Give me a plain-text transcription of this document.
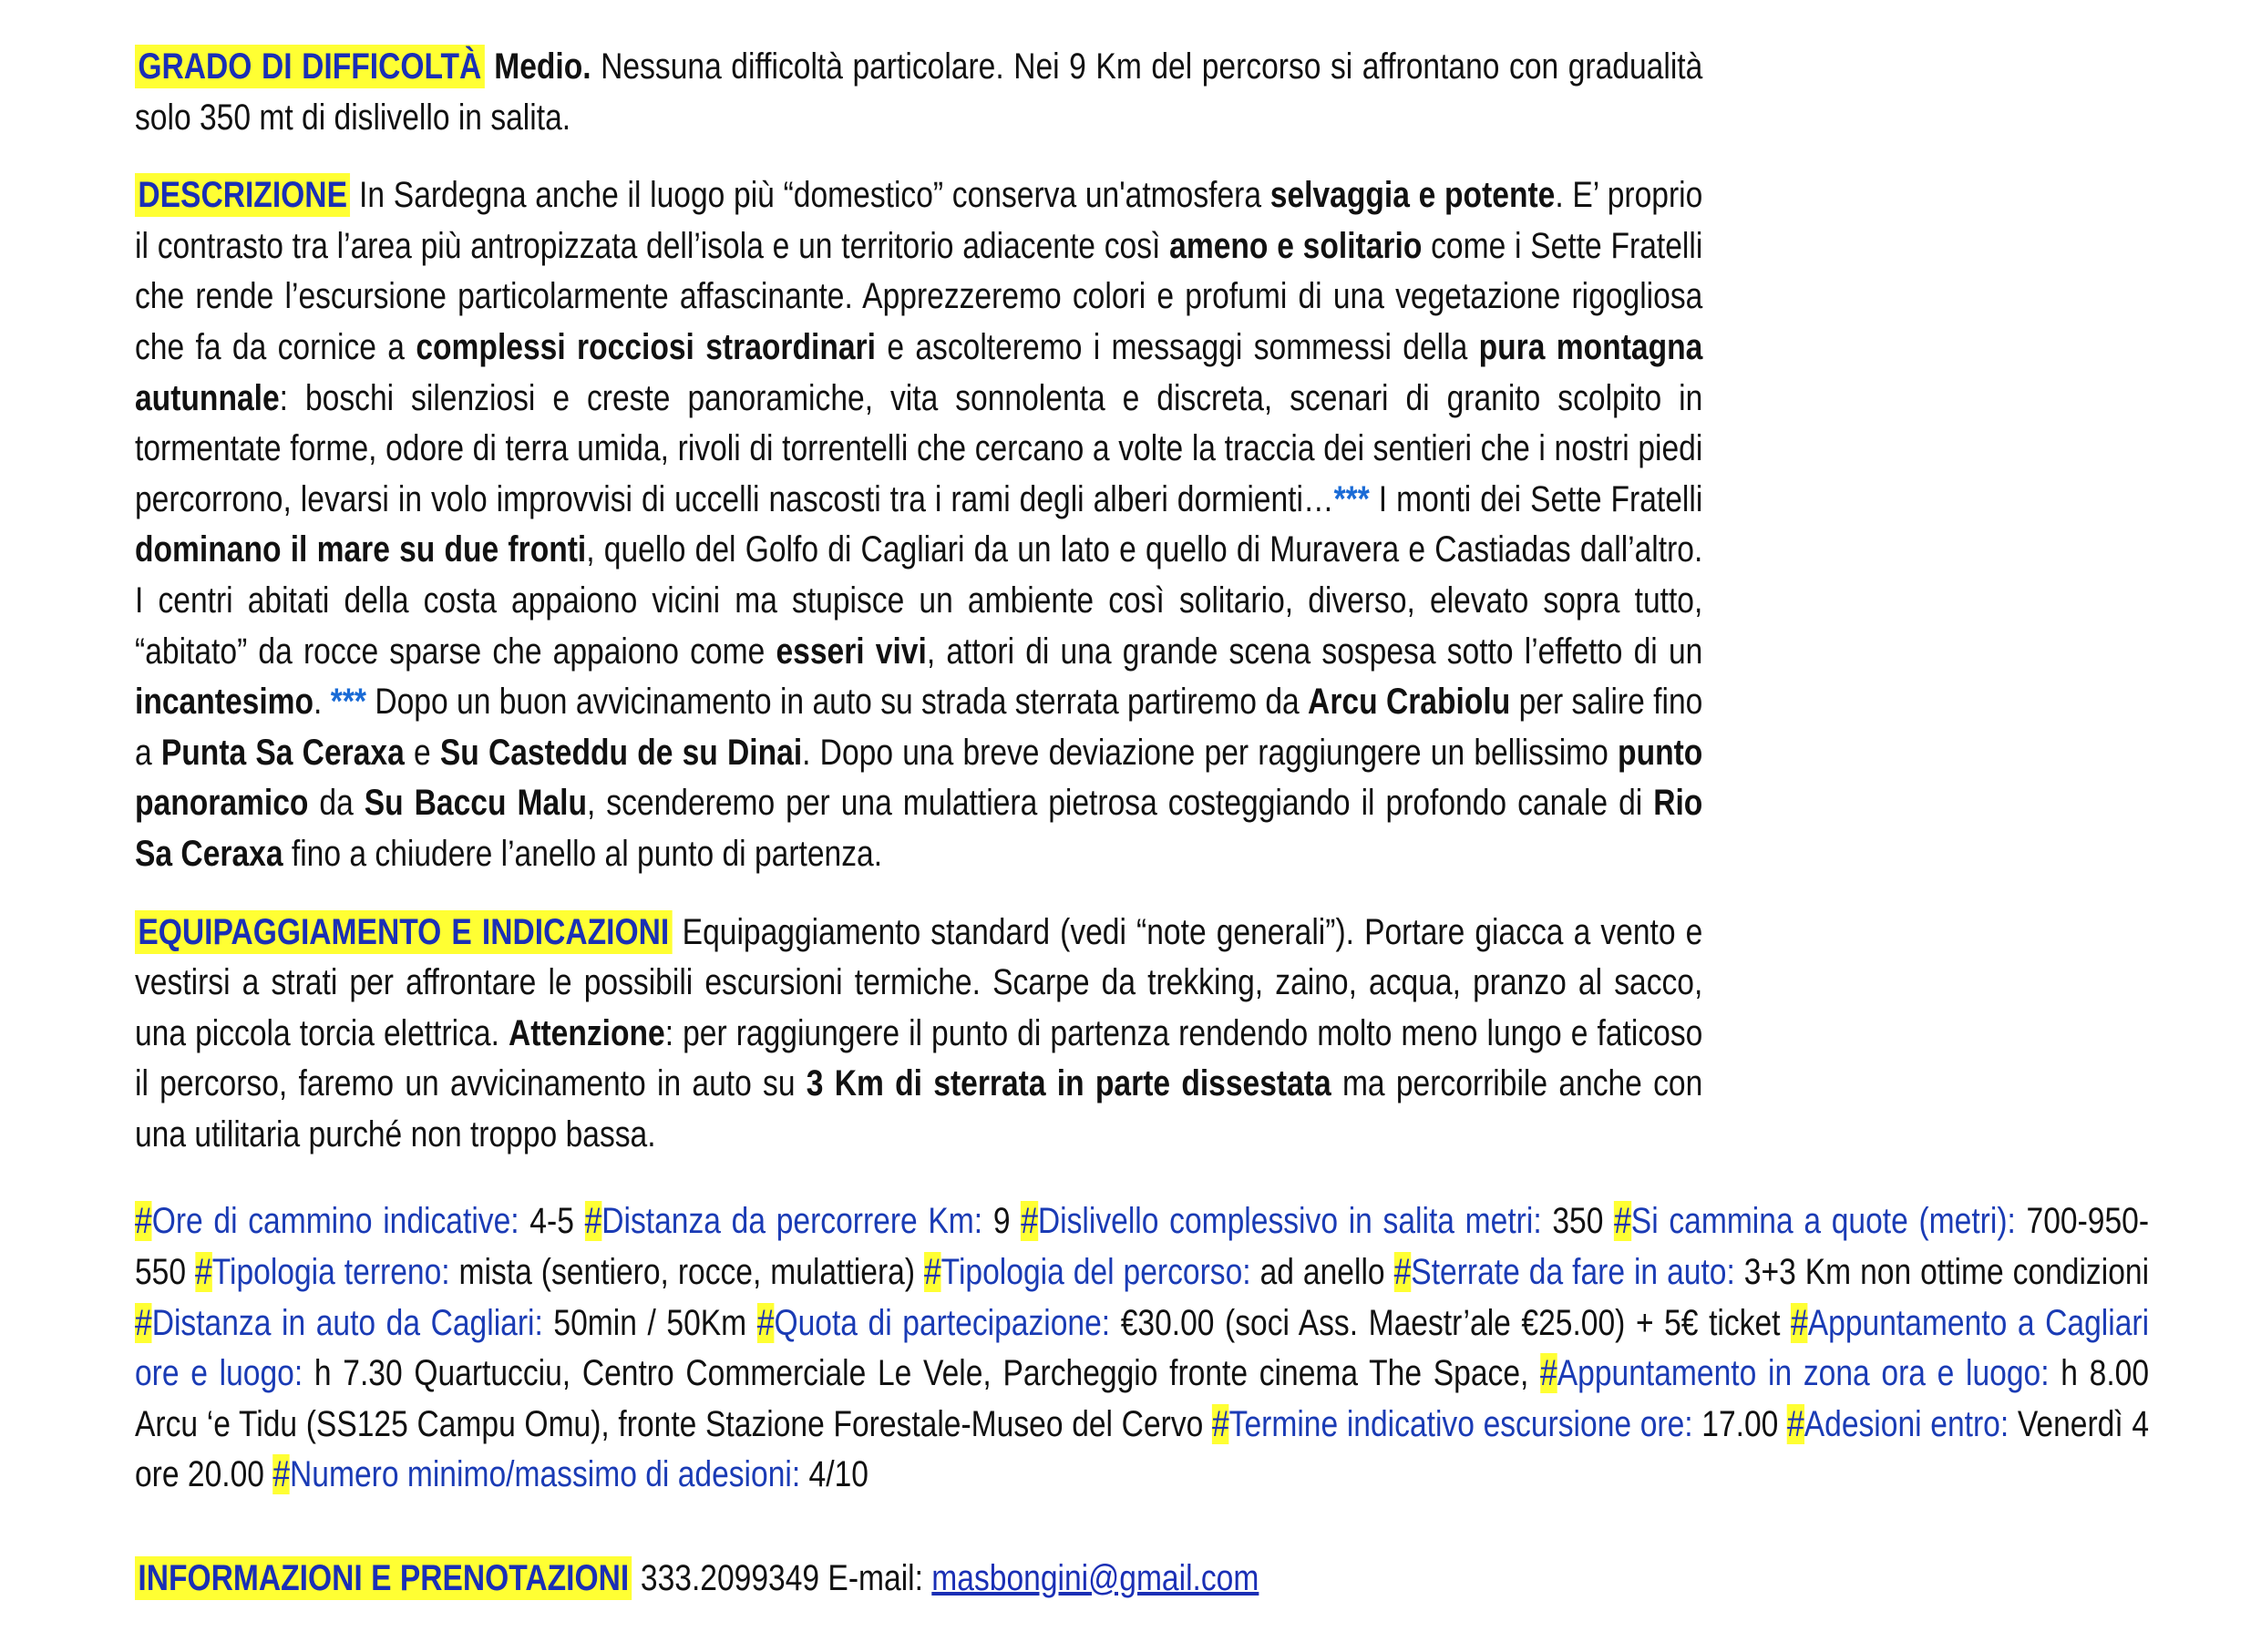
GRADO DI DIFFICOLTÀ Medio. Nessuna difficoltà particolare. Nei 9 Km del percorso si affrontano con gradualità solo 350 mt di dislivello in salita.

DESCRIZIONE In Sardegna anche il luogo più “domestico” conserva un'atmosfera selvaggia e potente. E’ proprio il contrasto tra l’area più antropizzata dell’isola e un territorio adiacente così ameno e solitario come i Sette Fratelli che rende l’escursione particolarmente affascinante. Apprezzeremo colori e profumi di una vegetazione rigogliosa che fa da cornice a complessi rocciosi straordinari e ascolteremo i messaggi sommessi della pura montagna autunnale: boschi silenziosi e creste panoramiche, vita sonnolenta e discreta, scenari di granito scolpito in tormentate forme, odore di terra umida, rivoli di torrentelli che cercano a volte la traccia dei sentieri che i nostri piedi percorrono, levarsi in volo improvvisi di uccelli nascosti tra i rami degli alberi dormienti…*** I monti dei Sette Fratelli dominano il mare su due fronti, quello del Golfo di Cagliari da un lato e quello di Muravera e Castiadas dall’altro. I centri abitati della costa appaiono vicini ma stupisce un ambiente così solitario, diverso, elevato sopra tutto, “abitato” da rocce sparse che appaiono come esseri vivi, attori di una grande scena sospesa sotto l’effetto di un incantesimo. *** Dopo un buon avvicinamento in auto su strada sterrata partiremo da Arcu Crabiolu per salire fino a Punta Sa Ceraxa e Su Casteddu de su Dinai. Dopo una breve deviazione per raggiungere un bellissimo punto panoramico da Su Baccu Malu, scenderemo per una mulattiera pietrosa costeggiando il profondo canale di Rio Sa Ceraxa fino a chiudere l’anello al punto di partenza.

EQUIPAGGIAMENTO E INDICAZIONI Equipaggiamento standard (vedi “note generali”). Portare giacca a vento e vestirsi a strati per affrontare le possibili escursioni termiche. Scarpe da trekking, zaino, acqua, pranzo al sacco, una piccola torcia elettrica. Attenzione: per raggiungere il punto di partenza rendendo molto meno lungo e faticoso il percorso, faremo un avvicinamento in auto su 3 Km di sterrata in parte dissestata ma percorribile anche con una utilitaria purché non troppo bassa.

#Ore di cammino indicative: 4-5 #Distanza da percorrere Km: 9 #Dislivello complessivo in salita metri: 350 #Si cammina a quote (metri): 700-950-550 #Tipologia terreno: mista (sentiero, rocce, mulattiera) #Tipologia del percorso: ad anello #Sterrate da fare in auto: 3+3 Km non ottime condizioni #Distanza in auto da Cagliari: 50min / 50Km #Quota di partecipazione: €30.00 (soci Ass. Maestr’ale €25.00) + 5€ ticket #Appuntamento a Cagliari ore e luogo: h 7.30 Quartucciu, Centro Commerciale Le Vele, Parcheggio fronte cinema The Space, #Appuntamento in zona ora e luogo: h 8.00 Arcu ‘e Tidu (SS125 Campu Omu), fronte Stazione Forestale-Museo del Cervo #Termine indicativo escursione ore: 17.00 #Adesioni entro: Venerdì 4 ore 20.00 #Numero minimo/massimo di adesioni: 4/10

INFORMAZIONI E PRENOTAZIONI 333.2099349 E-mail: masbongini@gmail.com
